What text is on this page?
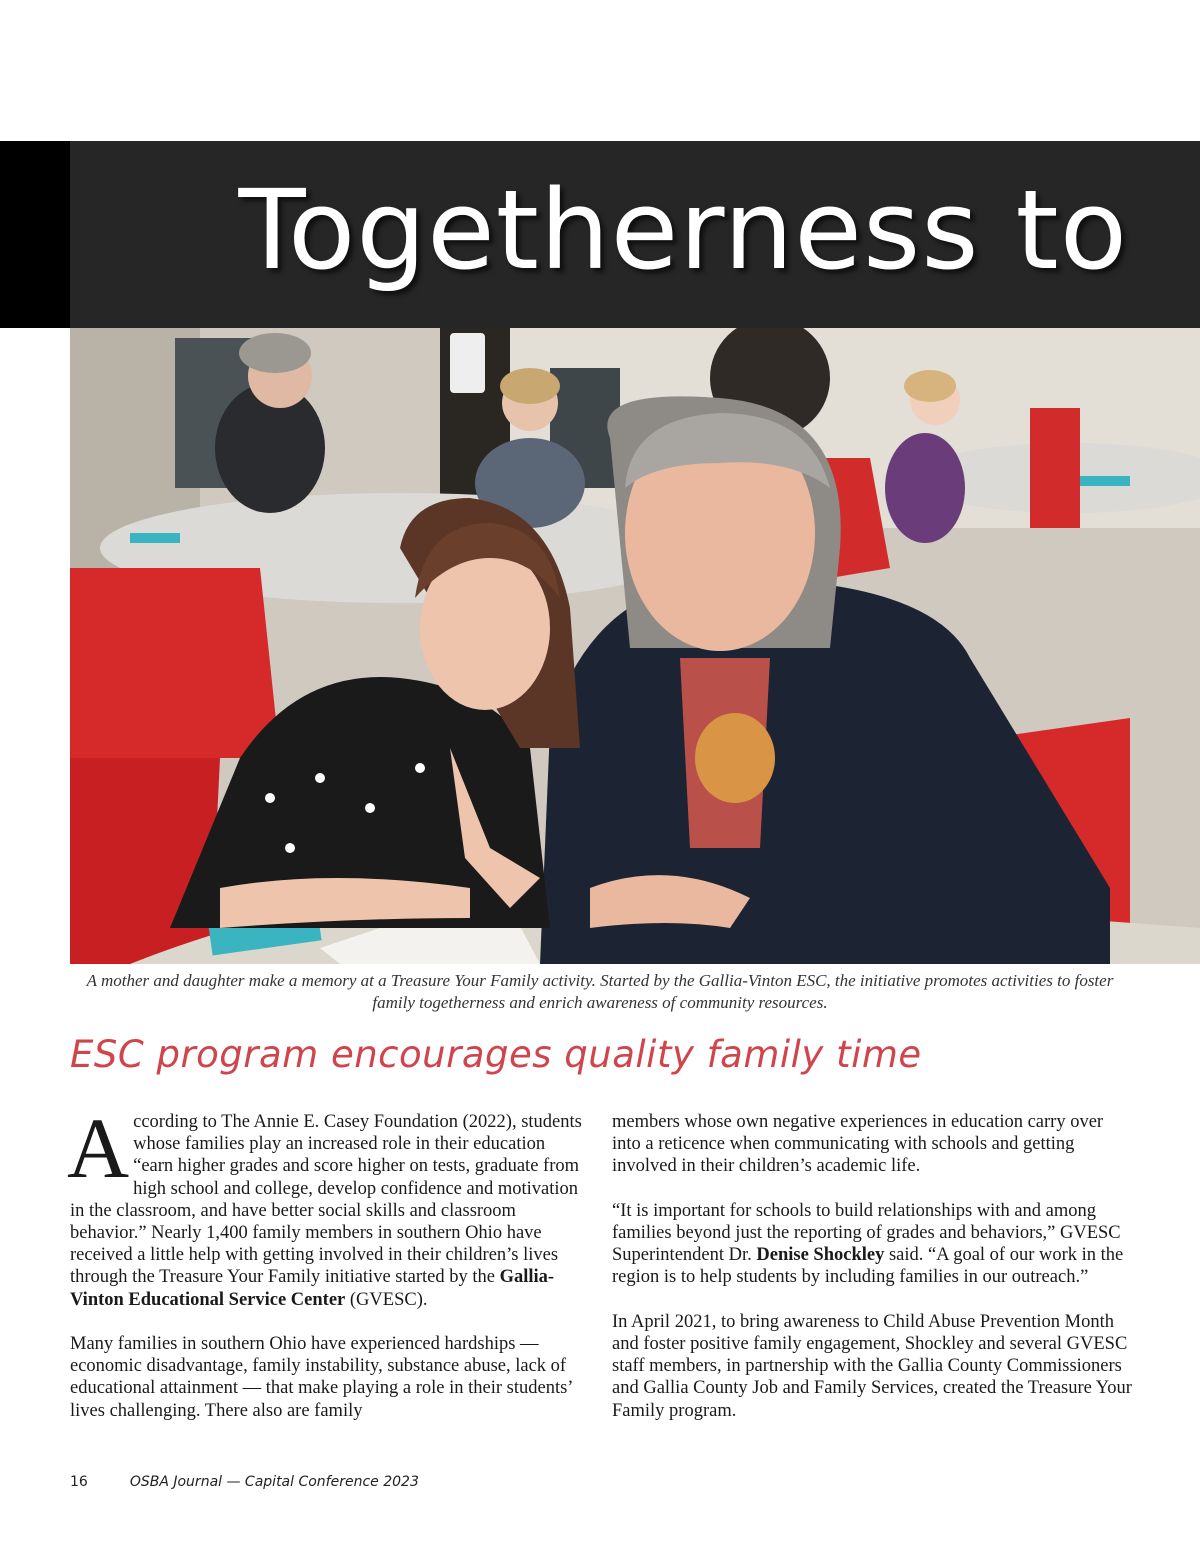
Togetherness to

A mother and daughter make a memory at a Treasure Your Family activity. Started by the Gallia-Vinton ESC, the initiative promotes activities to foster family togetherness and enrich awareness of community resources.

ESC program encourages quality family time

According to The Annie E. Casey Foundation (2022), students whose families play an increased role in their education “earn higher grades and score higher on tests, graduate from high school and college, develop confidence and motivation in the classroom, and have better social skills and classroom behavior.” Nearly 1,400 family members in southern Ohio have received a little help with getting involved in their children’s lives through the Treasure Your Family initiative started by the Gallia-Vinton Educational Service Center (GVESC).

Many families in southern Ohio have experienced hardships — economic disadvantage, family instability, substance abuse, lack of educational attainment — that make playing a role in their students’ lives challenging. There also are family

members whose own negative experiences in education carry over into a reticence when communicating with schools and getting involved in their children’s academic life.

“It is important for schools to build relationships with and among families beyond just the reporting of grades and behaviors,” GVESC Superintendent Dr. Denise Shockley said. “A goal of our work in the region is to help students by including families in our outreach.”

In April 2021, to bring awareness to Child Abuse Prevention Month and foster positive family engagement, Shockley and several GVESC staff members, in partnership with the Gallia County Commissioners and Gallia County Job and Family Services, created the Treasure Your Family program.

16	OSBA Journal — Capital Conference 2023
